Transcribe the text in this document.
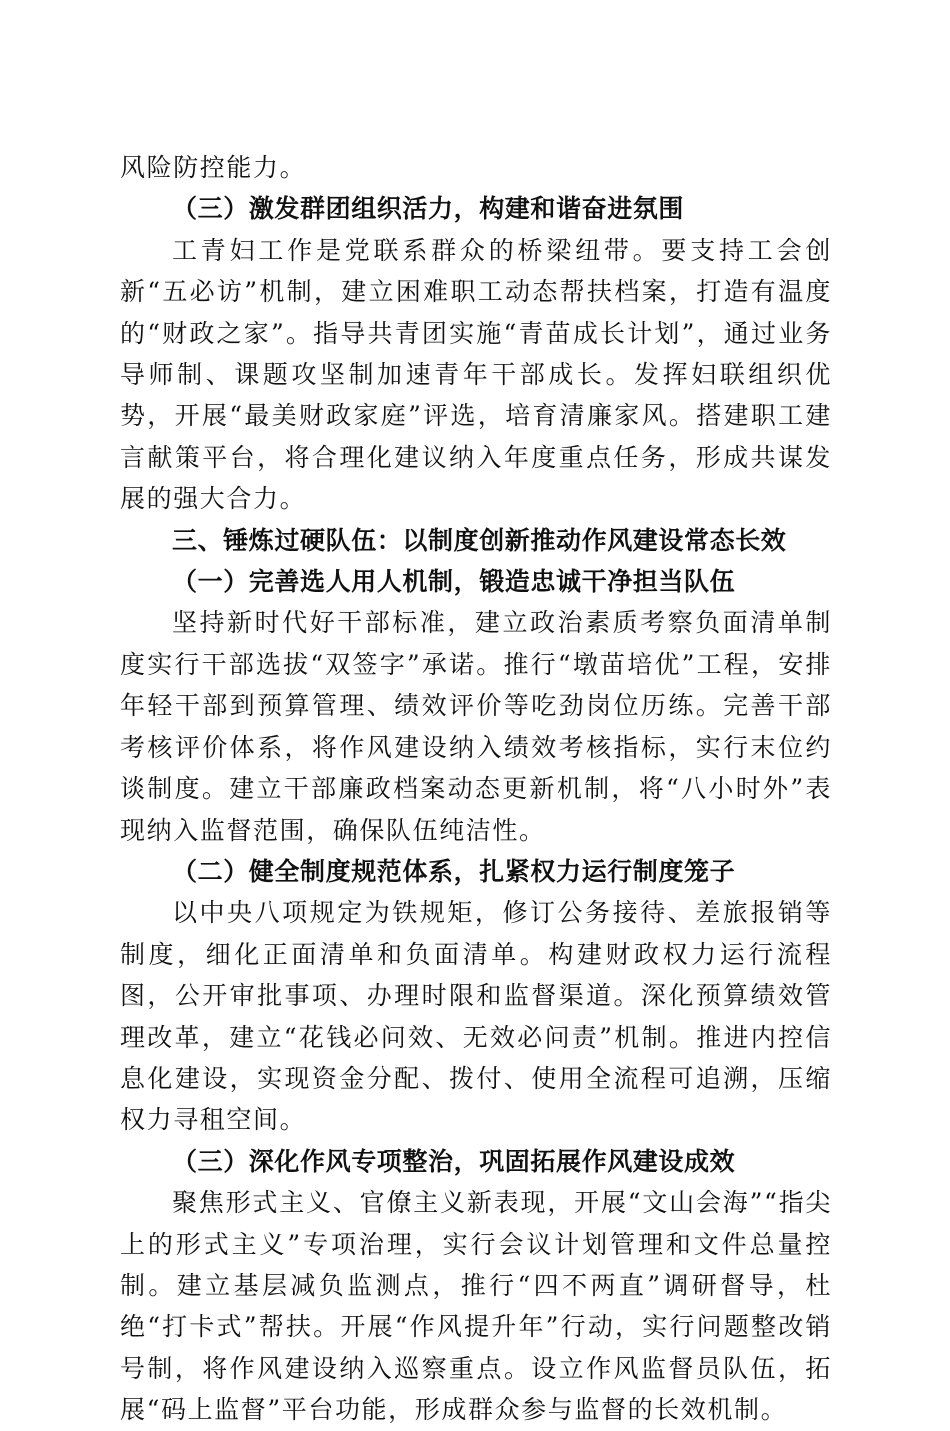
风险防控能力。

（三）激发群团组织活力，构建和谐奋进氛围

工青妇工作是党联系群众的桥梁纽带。要支持工会创新“五必访”机制，建立困难职工动态帮扶档案，打造有温度的“财政之家”。指导共青团实施“青苗成长计划”，通过业务导师制、课题攻坚制加速青年干部成长。发挥妇联组织优势，开展“最美财政家庭”评选，培育清廉家风。搭建职工建言献策平台，将合理化建议纳入年度重点任务，形成共谋发展的强大合力。

三、锤炼过硬队伍：以制度创新推动作风建设常态长效

（一）完善选人用人机制，锻造忠诚干净担当队伍

坚持新时代好干部标准，建立政治素质考察负面清单制度实行干部选拔“双签字”承诺。推行“墩苗培优”工程，安排年轻干部到预算管理、绩效评价等吃劲岗位历练。完善干部考核评价体系，将作风建设纳入绩效考核指标，实行末位约谈制度。建立干部廉政档案动态更新机制，将“八小时外”表现纳入监督范围，确保队伍纯洁性。

（二）健全制度规范体系，扎紧权力运行制度笼子

以中央八项规定为铁规矩，修订公务接待、差旅报销等制度，细化正面清单和负面清单。构建财政权力运行流程图，公开审批事项、办理时限和监督渠道。深化预算绩效管理改革，建立“花钱必问效、无效必问责”机制。推进内控信息化建设，实现资金分配、拨付、使用全流程可追溯，压缩权力寻租空间。

（三）深化作风专项整治，巩固拓展作风建设成效

聚焦形式主义、官僚主义新表现，开展“文山会海”“指尖上的形式主义”专项治理，实行会议计划管理和文件总量控制。建立基层减负监测点，推行“四不两直”调研督导，杜绝“打卡式”帮扶。开展“作风提升年”行动，实行问题整改销号制，将作风建设纳入巡察重点。设立作风监督员队伍，拓展“码上监督”平台功能，形成群众参与监督的长效机制。
